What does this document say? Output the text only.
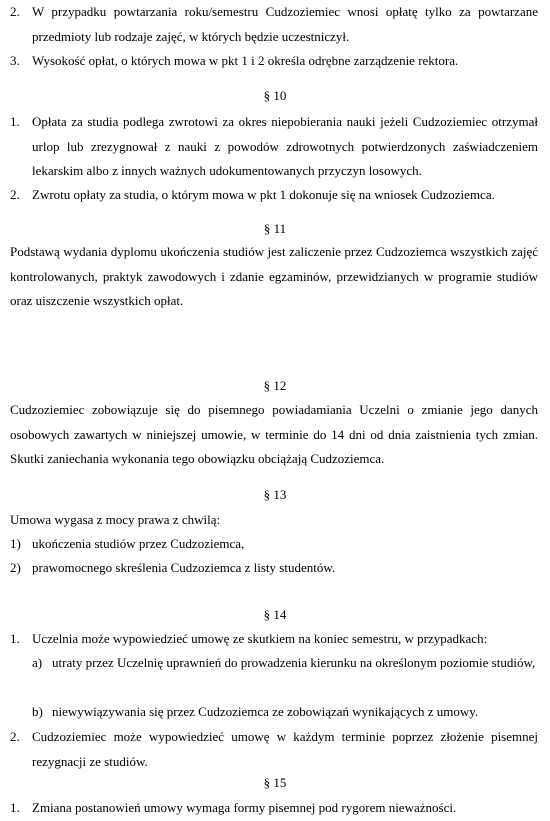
2. W przypadku powtarzania roku/semestru Cudzoziemiec wnosi opłatę tylko za powtarzane przedmioty lub rodzaje zajęć, w których będzie uczestniczył.
3. Wysokość opłat, o których mowa w pkt 1 i 2 określa odrębne zarządzenie rektora.
§ 10
1. Opłata za studia podlega zwrotowi za okres niepobierania nauki jeżeli Cudzoziemiec otrzymał urlop lub zrezygnował z nauki z powodów zdrowotnych potwierdzonych zaświadczeniem lekarskim albo z innych ważnych udokumentowanych przyczyn losowych.
2. Zwrotu opłaty za studia, o którym mowa w pkt 1 dokonuje się na wniosek Cudzoziemca.
§ 11
Podstawą wydania dyplomu ukończenia studiów jest zaliczenie przez Cudzoziemca wszystkich zajęć kontrolowanych, praktyk zawodowych i zdanie egzaminów, przewidzianych w programie studiów oraz uiszczenie wszystkich opłat.
§ 12
Cudzoziemiec zobowiązuje się do pisemnego powiadamiania Uczelni o zmianie jego danych osobowych zawartych w niniejszej umowie, w terminie do 14 dni od dnia zaistnienia tych zmian. Skutki zaniechania wykonania tego obowiązku obciążają Cudzoziemca.
§ 13
Umowa wygasa z mocy prawa z chwilą:
1) ukończenia studiów przez Cudzoziemca,
2) prawomocnego skreślenia Cudzoziemca z listy studentów.
§ 14
1. Uczelnia może wypowiedzieć umowę ze skutkiem na koniec semestru, w przypadkach:
a) utraty przez Uczelnię uprawnień do prowadzenia kierunku na określonym poziomie studiów,
b) niewywiązywania się przez Cudzoziemca ze zobowiązań wynikających z umowy.
2. Cudzoziemiec może wypowiedzieć umowę w każdym terminie poprzez złożenie pisemnej rezygnacji ze studiów.
§ 15
1. Zmiana postanowień umowy wymaga formy pisemnej pod rygorem nieważności.
